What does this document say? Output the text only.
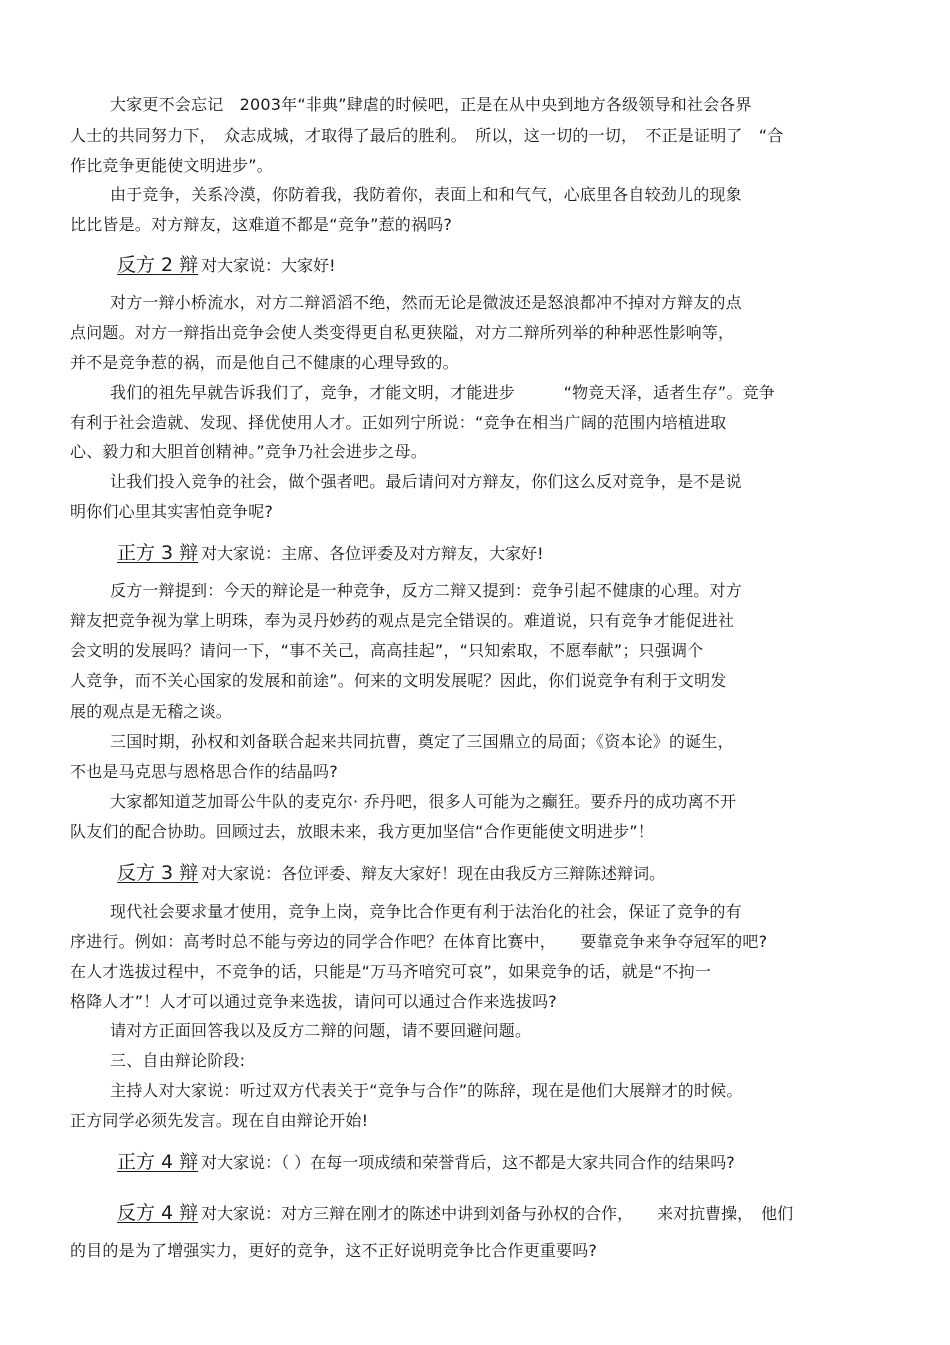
大家更不会忘记　2003年“非典”肆虐的时候吧，正是在从中央到地方各级领导和社会各界
人士的共同努力下，　众志成城，才取得了最后的胜利。　所以，这一切的一切，　不正是证明了　“合
作比竞争更能使文明进步”。
由于竞争，关系冷漠，你防着我，我防着你，表面上和和气气，心底里各自较劲儿的现象
比比皆是。对方辩友，这难道不都是“竞争”惹的祸吗?
反方 2 辩 对大家说：大家好!
对方一辩小桥流水，对方二辩滔滔不绝，然而无论是微波还是怒浪都冲不掉对方辩友的点
点问题。对方一辩指出竞争会使人类变得更自私更狭隘，对方二辩所列举的种种恶性影响等，
并不是竞争惹的祸，而是他自己不健康的心理导致的。
我们的祖先早就告诉我们了，竞争，才能文明，才能进步　　　“物竞天泽，适者生存”。竞争
有利于社会造就、发现、择优使用人才。正如列宁所说：“竞争在相当广阔的范围内培植进取
心、毅力和大胆首创精神。”竞争乃社会进步之母。
让我们投入竞争的社会，做个强者吧。最后请问对方辩友，你们这么反对竞争，是不是说
明你们心里其实害怕竞争呢?
正方 3 辩 对大家说：主席、各位评委及对方辩友，大家好!
反方一辩提到：今天的辩论是一种竞争，反方二辩又提到：竞争引起不健康的心理。对方
辩友把竞争视为掌上明珠，奉为灵丹妙药的观点是完全错误的。难道说，只有竞争才能促进社
会文明的发展吗？请问一下，“事不关己，高高挂起”，“只知索取，不愿奉献”；只强调个
人竞争，而不关心国家的发展和前途”。何来的文明发展呢？因此，你们说竞争有利于文明发
展的观点是无稽之谈。
三国时期，孙权和刘备联合起来共同抗曹，奠定了三国鼎立的局面；《资本论》的诞生，
不也是马克思与恩格思合作的结晶吗?
大家都知道芝加哥公牛队的麦克尔· 乔丹吧，很多人可能为之癫狂。要乔丹的成功离不开
队友们的配合协助。回顾过去，放眼未来，我方更加坚信“合作更能使文明进步”！
反方 3 辩 对大家说：各位评委、辩友大家好！现在由我反方三辩陈述辩词。
现代社会要求量才使用，竞争上岗，竞争比合作更有利于法治化的社会，保证了竞争的有
序进行。例如：高考时总不能与旁边的同学合作吧？在体育比赛中，　　要靠竞争来争夺冠军的吧?
在人才选拔过程中，不竞争的话，只能是“万马齐喑究可哀”，如果竞争的话，就是“不拘一
格降人才”！人才可以通过竞争来选拔，请问可以通过合作来选拔吗?
请对方正面回答我以及反方二辩的问题，请不要回避问题。
三、自由辩论阶段:
主持人对大家说：听过双方代表关于“竞争与合作”的陈辞，现在是他们大展辩才的时候。
正方同学必须先发言。现在自由辩论开始!
正方 4 辩 对大家说：（ ）在每一项成绩和荣誉背后，这不都是大家共同合作的结果吗?
反方 4 辩 对大家说：对方三辩在刚才的陈述中讲到刘备与孙权的合作，　　来对抗曹操，　他们
的目的是为了增强实力，更好的竞争，这不正好说明竞争比合作更重要吗?
